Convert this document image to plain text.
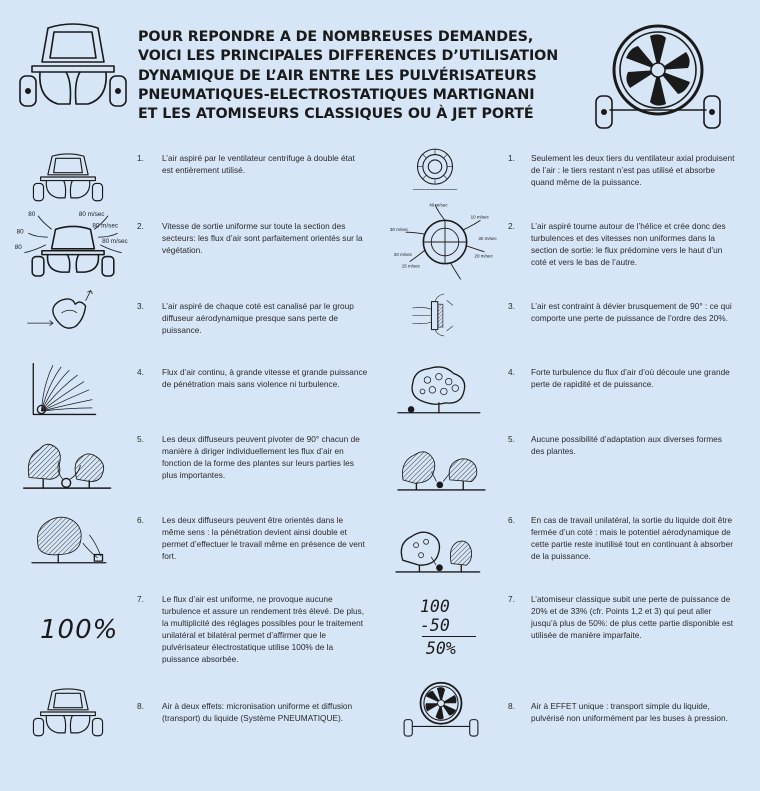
POUR REPONDRE A DE NOMBREUSES DEMANDES,
VOICI LES PRINCIPALES DIFFERENCES D’UTILISATION
DYNAMIQUE DE L’AIR ENTRE LES PULVÉRISATEURS
PNEUMATIQUES-ELECTROSTATIQUES MARTIGNANI
ET LES ATOMISEURS CLASSIQUES OU À JET PORTÉ
1. L’air aspiré par le ventilateur centrifuge à double état est entièrement utilisé.
80	80 m/sec
80
80 m/sec
80
80 m/sec
2. Vitesse de sortie uniforme sur toute la section des secteurs: les flux d’air sont parfaitement orientés sur la végétation.
3. L’air aspiré de chaque coté est canalisé par le group diffuseur aérodynamique presque sans perte de puissance.
4. Flux d’air continu, à grande vitesse et grande puissance de pénétration mais sans violence ni turbulence.
5. Les deux diffuseurs peuvent pivoter de 90° chacun de manière à diriger individuellement les flux d’air en fonction de la forme des plantes sur leurs parties les plus importantes.
6. Les deux diffuseurs peuvent être orientés dans le même sens : la pénétration devient ainsi double et permet d’effectuer le travail même en présence de vent fort.
100%
7. Le flux d’air est uniforme, ne provoque aucune turbulence et assure un rendement très élevé. De plus, la multiplicité des réglages possibles pour le traitement unilatéral et bilatéral permet d’affirmer que le pulvérisateur électrostatique utilise 100% de la puissance absorbée.
8. Air à deux effets: micronisation uniforme et diffusion (transport) du liquide (Système PNEUMATIQUE).
1. Seulement les deux tiers du ventilateur axial produisent de l’air : le tiers restant n’est pas utilisé et absorbe quand même de la puissance.
40 m/sec
10 m/sec
30 m/sec
30 m/sec
20 m/sec	20 m/sec
15 m/sec
2. L’air aspiré tourne autour de l’hélice et crée donc des turbulences et des vitesses non uniformes dans la section de sortie: le flux prédomine vers le haut d’un coté et vers le bas de l’autre.
3. L’air est contraint à dévier brusquement de 90° : ce qui comporte une perte de puissance de l’ordre des 20%.
4. Forte turbulence du flux d’air d’où découle une grande perte de rapidité et de puissance.
5. Aucune possibilité d’adaptation aux diverses formes des plantes.
6. En cas de travail unilatéral, la sortie du liquide doit être fermée d’un coté : mais le potentiel aérodynamique de cette partie reste inutilisé tout en continuant à absorber de la puissance.
100
-50
50%
7. L’atomiseur classique subit une perte de puissance de 20% et de 33% (cfr. Points 1,2 et 3) qui peut aller jusqu’à plus de 50%: de plus cette partie disponible est utilisée de manière imparfaite.
8. Air à EFFET unique : transport simple du liquide, pulvérisé non uniformément par les buses à pression.
